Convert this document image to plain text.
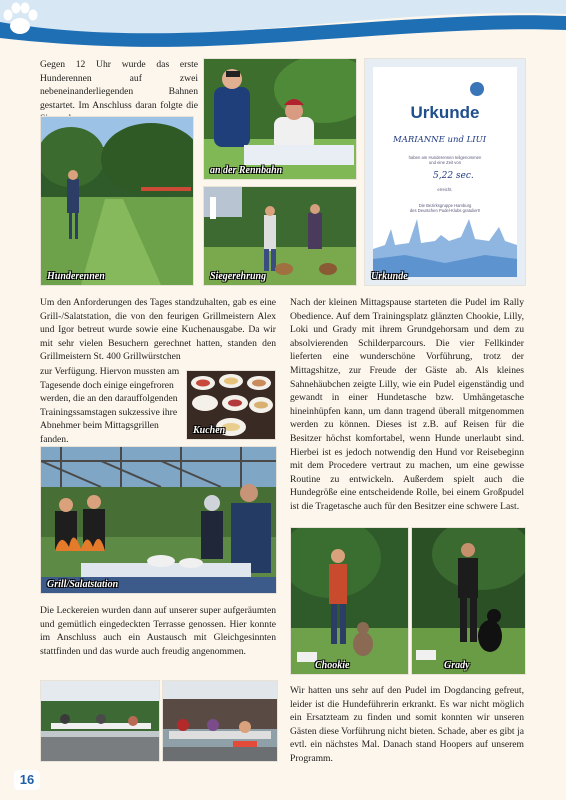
Gegen 12 Uhr wurde das erste Hunderennen auf zwei nebeneinanderliegenden Bahnen gestartet. Im Anschluss daran folgte die
Hunderennen
an der Rennbahn
Siegerehrung
Urkunde
MARIANNE und LIUI
haben am Hunderennen teilgenommen
und eine Zeit von
5,22 sec.
erreicht.
Die Bezirksgruppe Hamburg
des Deutschen Pudel-Klubs gratuliert!
Urkunde
Um den Anforderungen des Tages standzuhalten, gab es eine Grill-/Salatstation, die von den feurigen Grillmeistern Alex und Igor betreut wurde sowie eine Kuchenausgabe. Da wir mit sehr vielen Besuchern gerechnet hatten, standen den Grillmeistern St. 400 Grillwürstchen
zur Verfügung. Hiervon mussten am Tagesende doch einige eingefroren werden, die an den darauffolgenden Trainingssamstagen sukzessive ihre Abnehmer beim Mittagsgrillen fanden.
Kuchen
Grill/Salatstation
Die Leckereien wurden dann auf unserer super aufgeräumten und gemütlich eingedeckten Terrasse genossen. Hier konnte im Anschluss auch ein Austausch mit Gleichgesinnten stattfinden und das wurde auch freudig angenommen.
Nach der kleinen Mittagspause starteten die Pudel im Rally Obedience. Auf dem Trainingsplatz glänzten Chookie, Lilly, Loki und Grady mit ihrem Grundgehorsam und dem zu absolvierenden Schilderparcours. Die vier Fellkinder lieferten eine wunderschöne Vorführung, trotz der Mittagshitze, zur Freude der Gäste ab. Als kleines Sahnehäubchen zeigte Lilly, wie ein Pudel eigenständig und gewandt in einer Hundetasche bzw. Umhängetasche hineinhüpfen kann, um dann tragend überall mitgenommen werden zu können. Dieses ist z.B. auf Reisen für die Besitzer höchst komfortabel, wenn Hunde unerlaubt sind. Hierbei ist es jedoch notwendig den Hund vor Reisebeginn mit dem Procedere vertraut zu machen, um eine gewisse Routine zu entwickeln. Außerdem spielt auch die Hundegröße eine entscheidende Rolle, bei einem Großpudel ist die Tragetasche auch für den Besitzer eine schwere Last.
Chookie	Grady
Wir hatten uns sehr auf den Pudel im Dogdancing gefreut, leider ist die Hundeführerin erkrankt. Es war nicht möglich ein Ersatzteam zu finden und somit konnten wir unseren Gästen diese Vorführung nicht bieten. Schade, aber es gibt ja evtl. ein nächstes Mal. Danach stand Hoopers auf unserem Programm.
16
